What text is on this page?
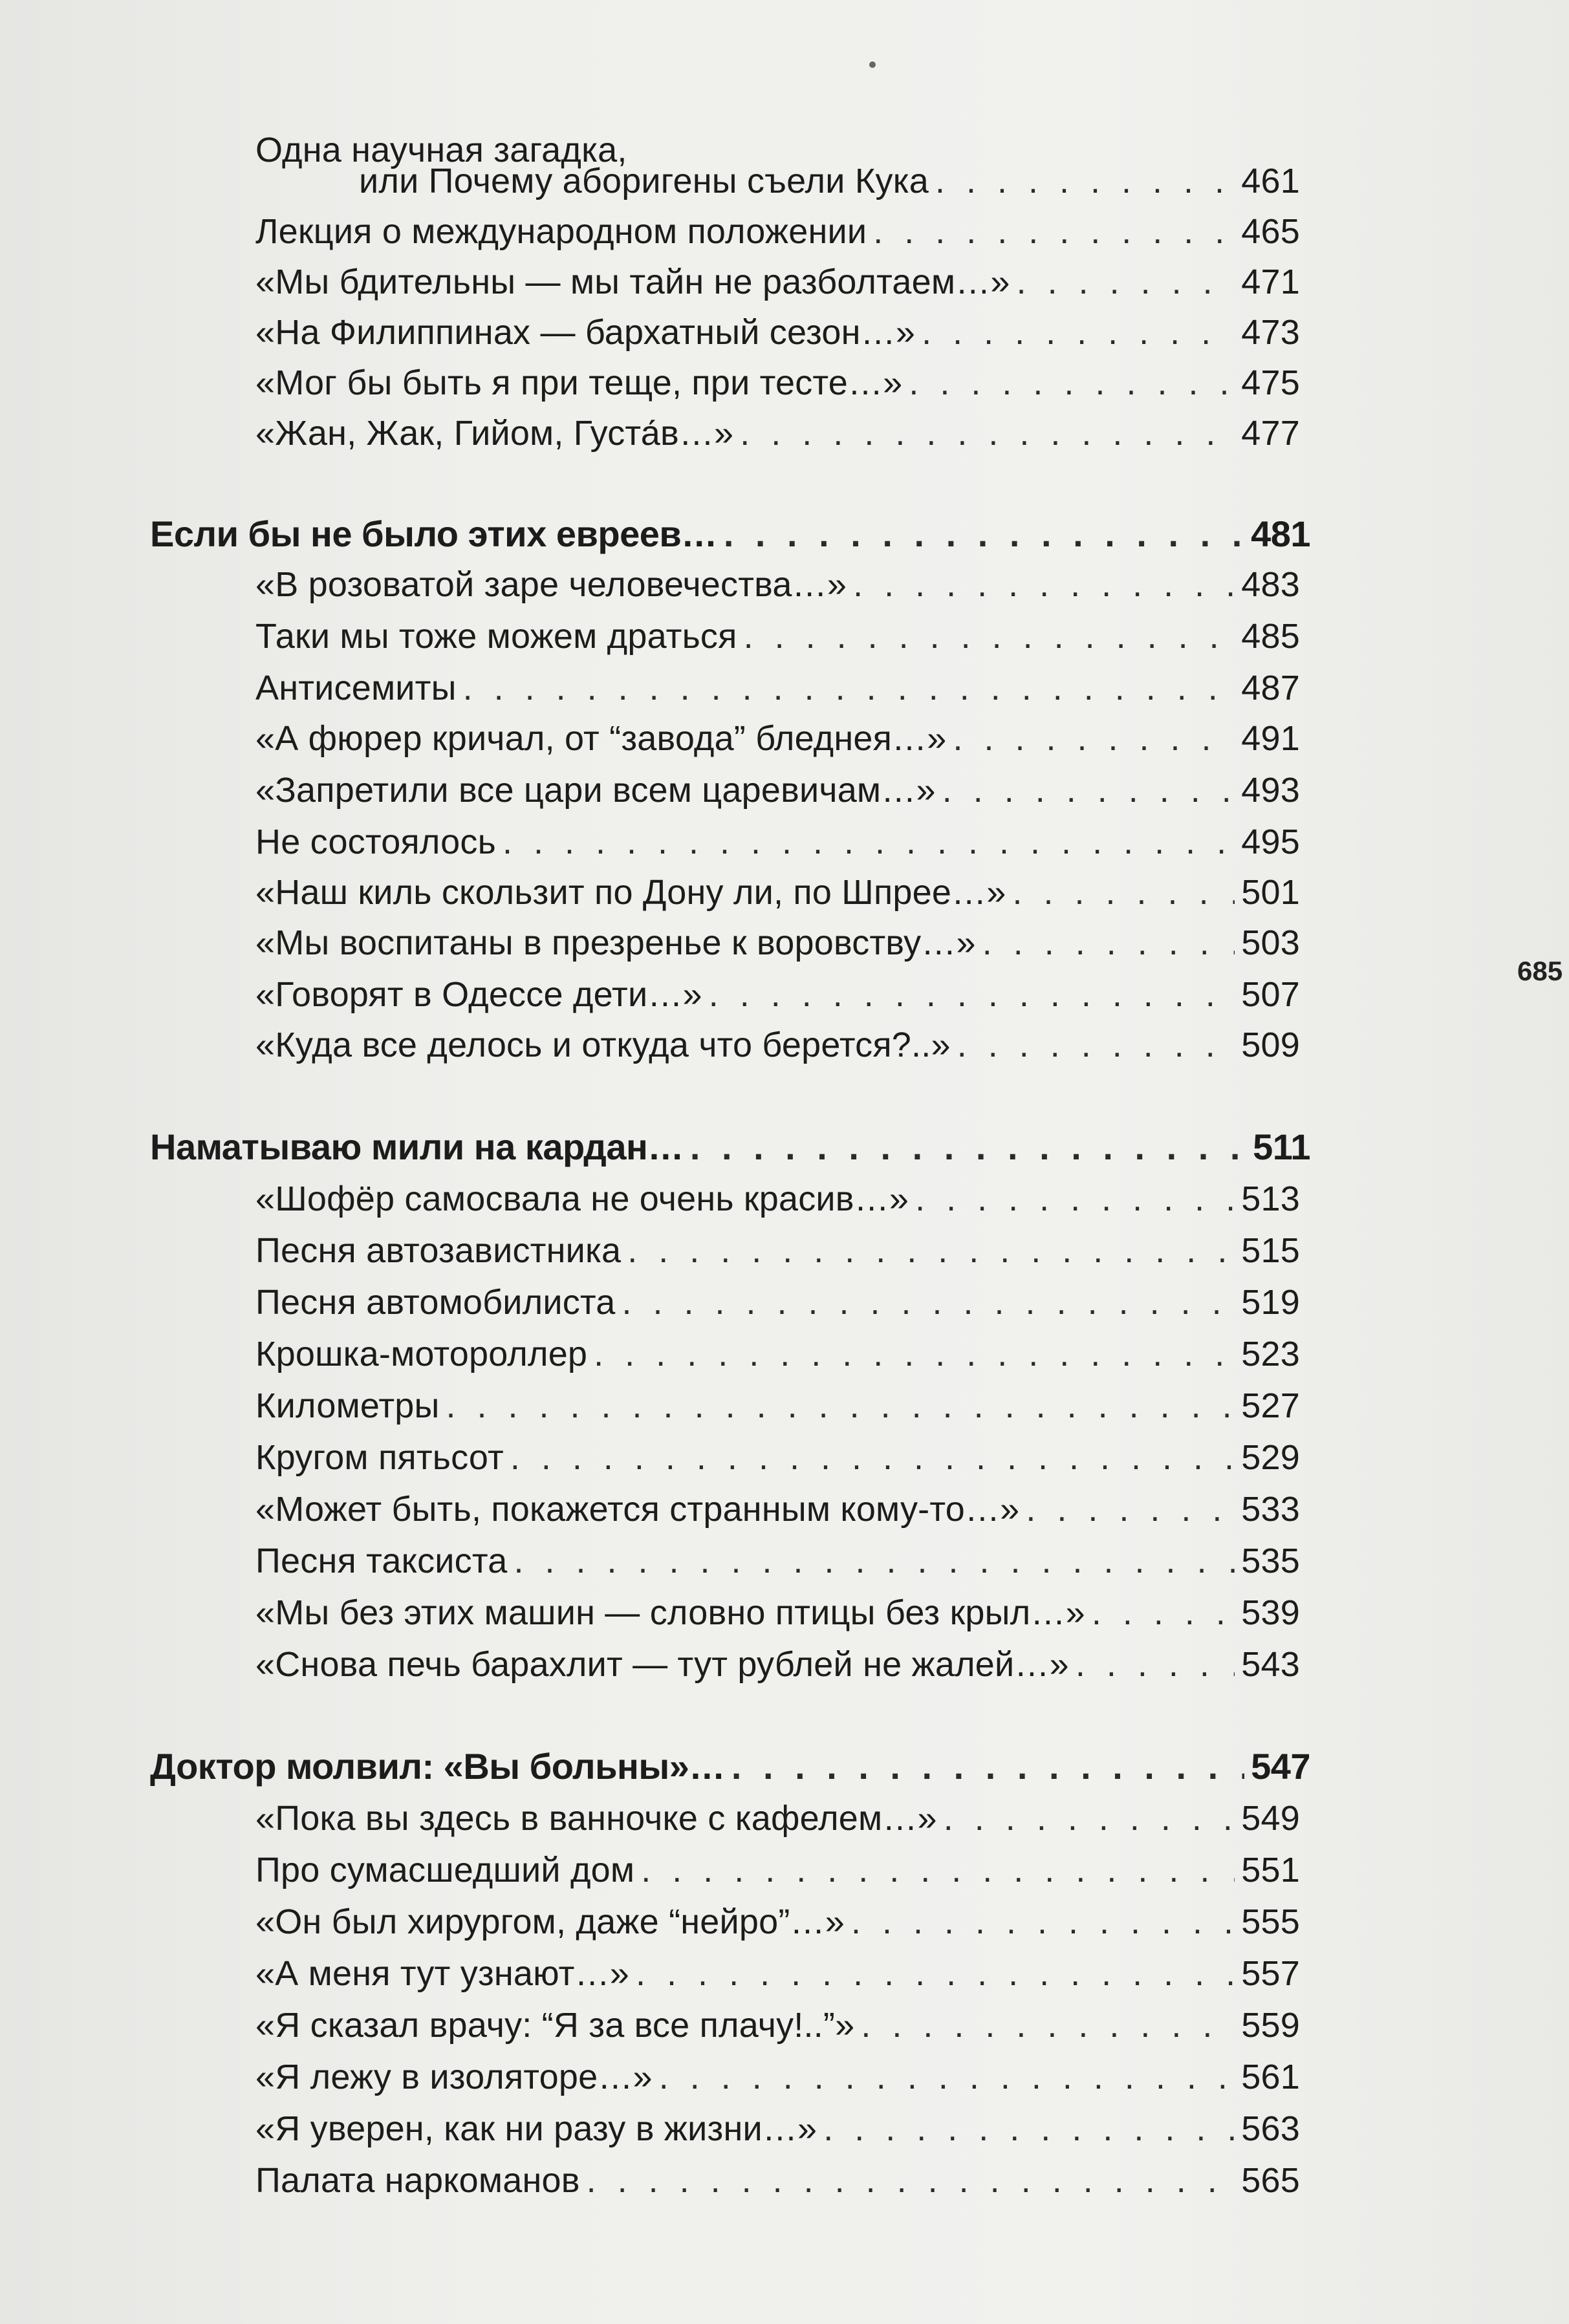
Одна научная загадка,
или Почему аборигены съели Кука . . .	461
Лекция о международном положении . . .	465
«Мы бдительны — мы тайн не разболтаем…» . . .	471
«На Филиппинах — бархатный сезон…» . . .	473
«Мог бы быть я при теще, при тесте…» . . .	475
«Жан, Жак, Гийом, Густа́в…» . . .	477
Если бы не было этих евреев… . . .	481
«В розоватой заре человечества…» . . .	483
Таки мы тоже можем драться . . .	485
Антисемиты . . .	487
«А фюрер кричал, от “завода” бледнея…» . . .	491
«Запретили все цари всем царевичам…» . . .	493
Не состоялось . . .	495
«Наш киль скользит по Дону ли, по Шпрее…» . . .	501
«Мы воспитаны в презренье к воровству…» . . .	503
«Говорят в Одессе дети…» . . .	507
«Куда все делось и откуда что берется?..» . . .	509
Наматываю мили на кардан… . . .	511
«Шофёр самосвала не очень красив…» . . .	513
Песня автозавистника . . .	515
Песня автомобилиста . . .	519
Крошка-мотороллер . . .	523
Километры . . .	527
Кругом пятьсот . . .	529
«Может быть, покажется странным кому-то…» . . .	533
Песня таксиста . . .	535
«Мы без этих машин — словно птицы без крыл…» . . .	539
«Снова печь барахлит — тут рублей не жалей…» . . .	543
Доктор молвил: «Вы больны»… . . .	547
«Пока вы здесь в ванночке с кафелем…» . . .	549
Про сумасшедший дом . . .	551
«Он был хирургом, даже “нейро”…» . . .	555
«А меня тут узнают…» . . .	557
«Я сказал врачу: “Я за все плачу!..”» . . .	559
«Я лежу в изоляторе…» . . .	561
«Я уверен, как ни разу в жизни…» . . .	563
Палата наркоманов . . .	565
685
